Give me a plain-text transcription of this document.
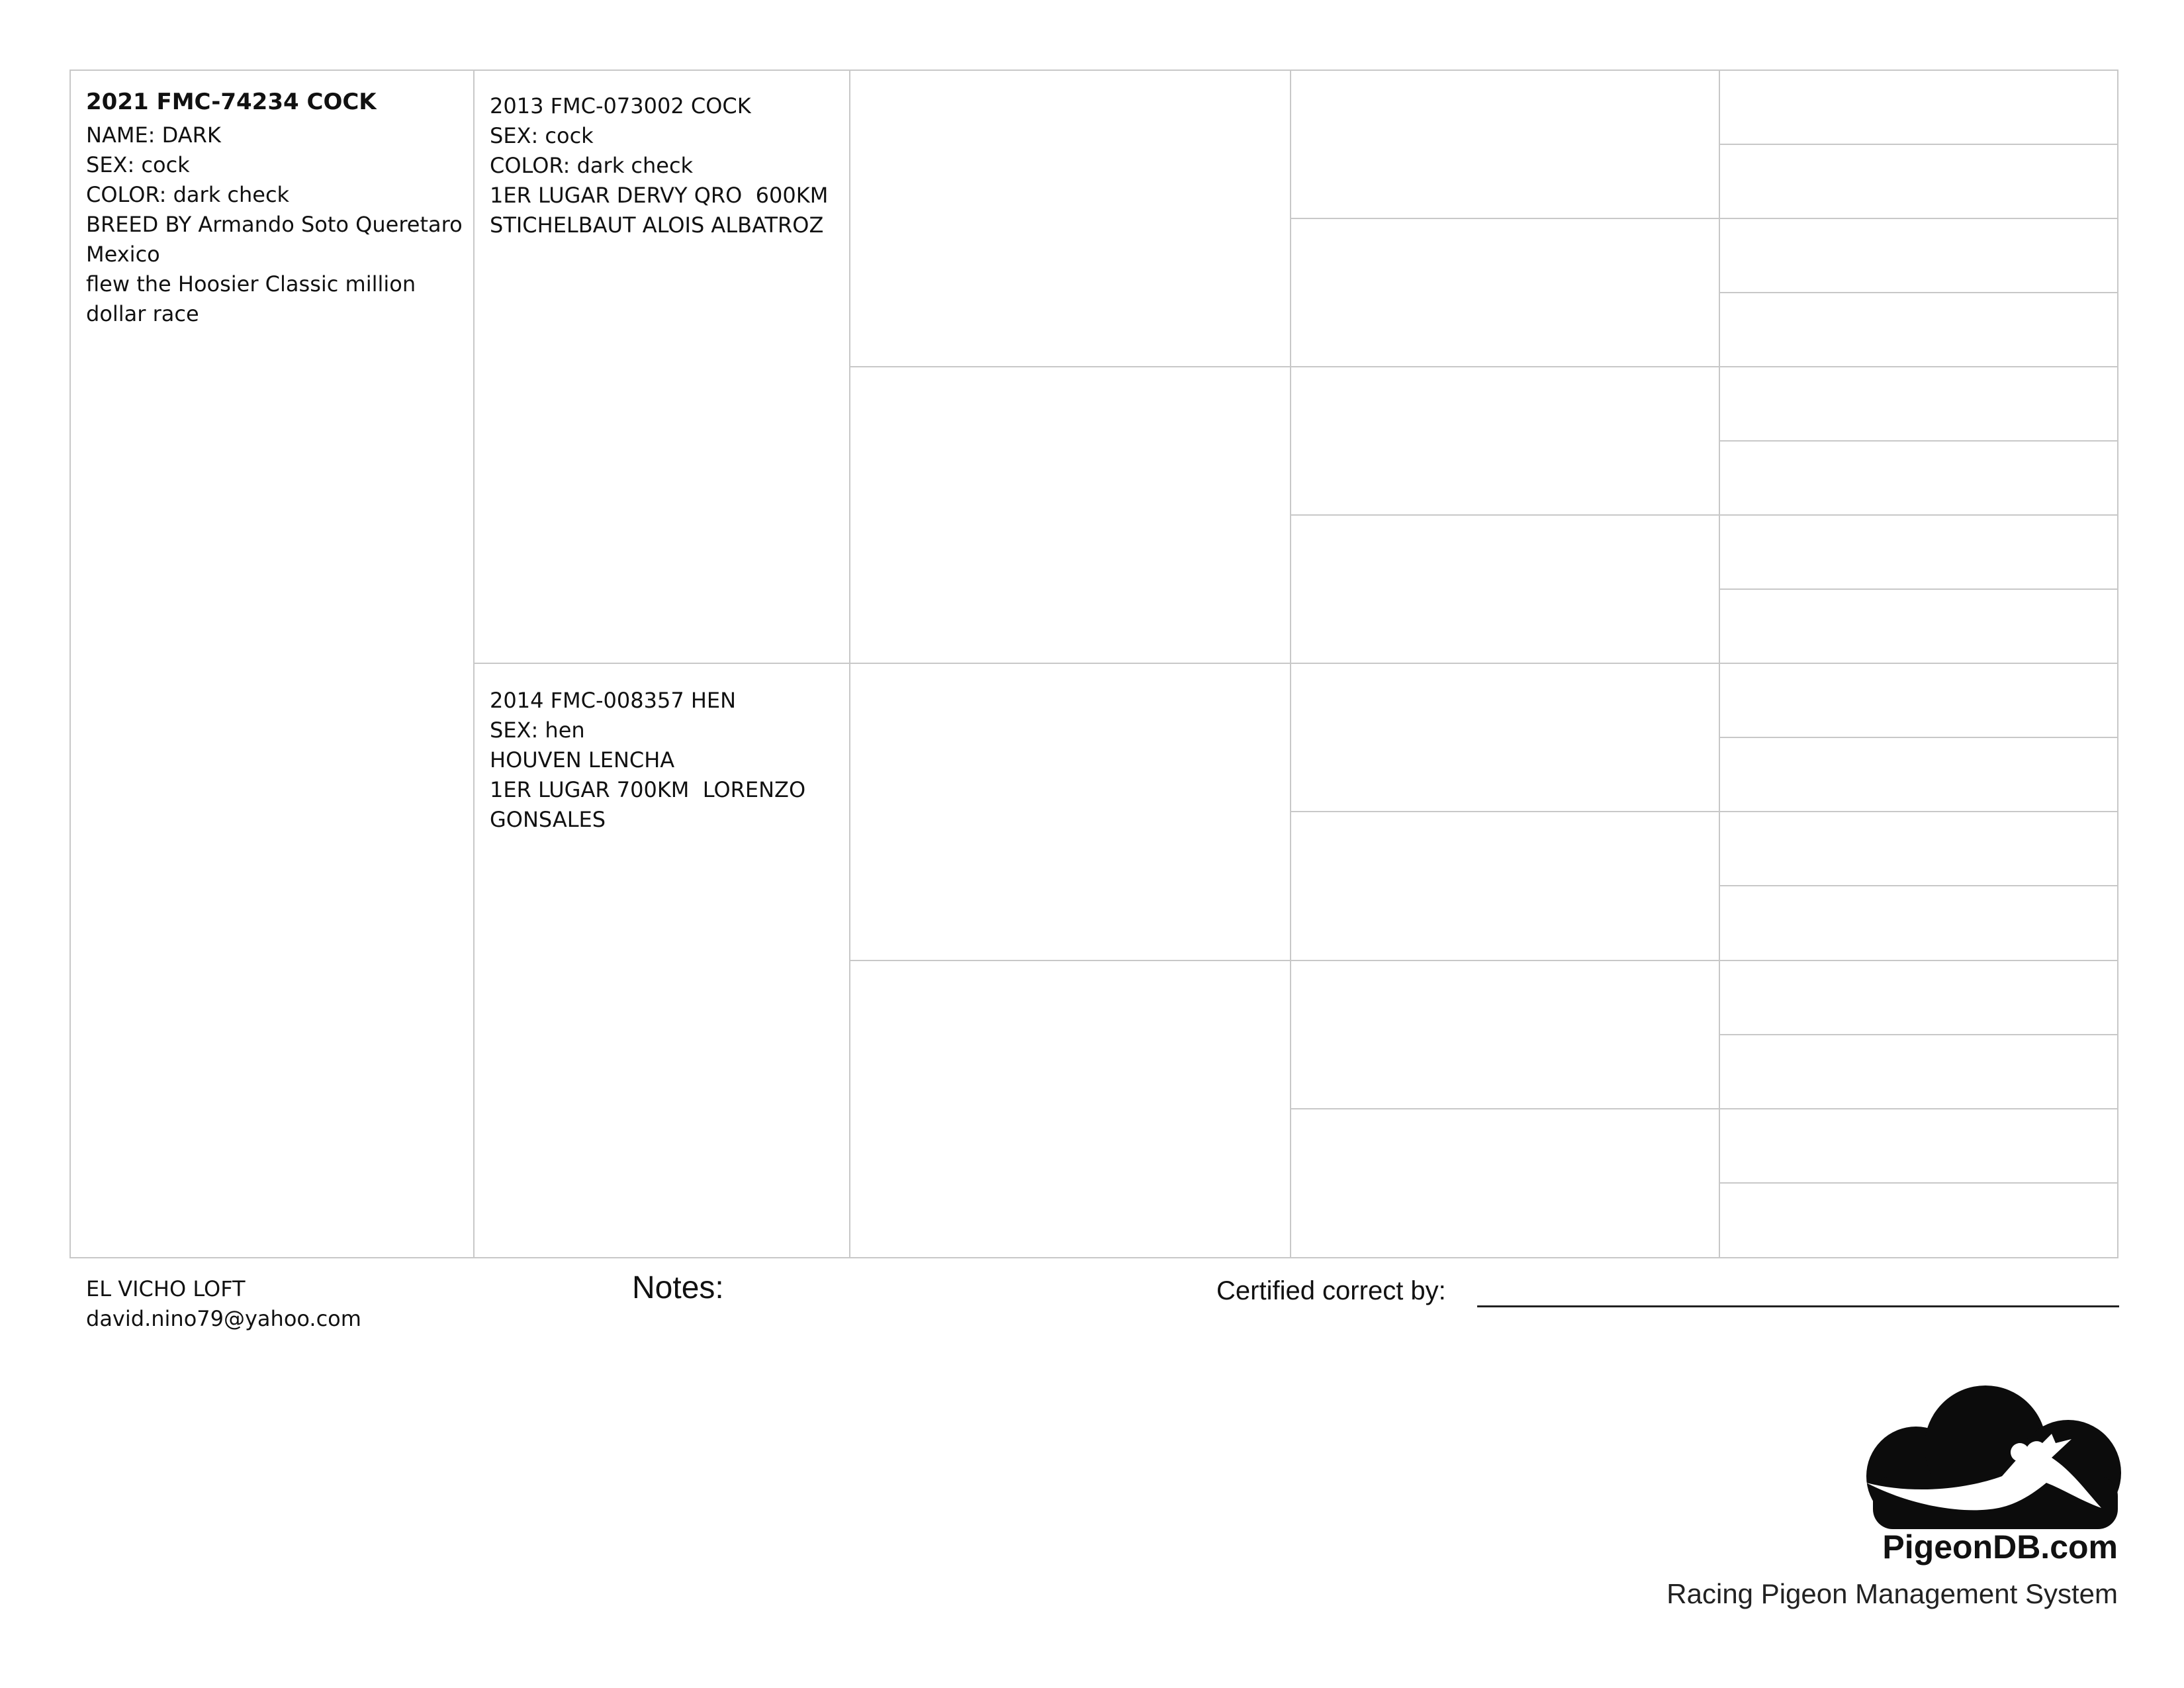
2021 FMC-74234 COCK
NAME: DARK
SEX: cock
COLOR: dark check
BREED BY Armando Soto Queretaro
Mexico
flew the Hoosier Classic million
dollar race
2013 FMC-073002 COCK
SEX: cock
COLOR: dark check
1ER LUGAR DERVY QRO  600KM
STICHELBAUT ALOIS ALBATROZ
2014 FMC-008357 HEN
SEX: hen
HOUVEN LENCHA
1ER LUGAR 700KM  LORENZO
GONSALES
EL VICHO LOFT
david.nino79@yahoo.com
Notes:	Certified correct by:
PigeonDB.com
Racing Pigeon Management System
